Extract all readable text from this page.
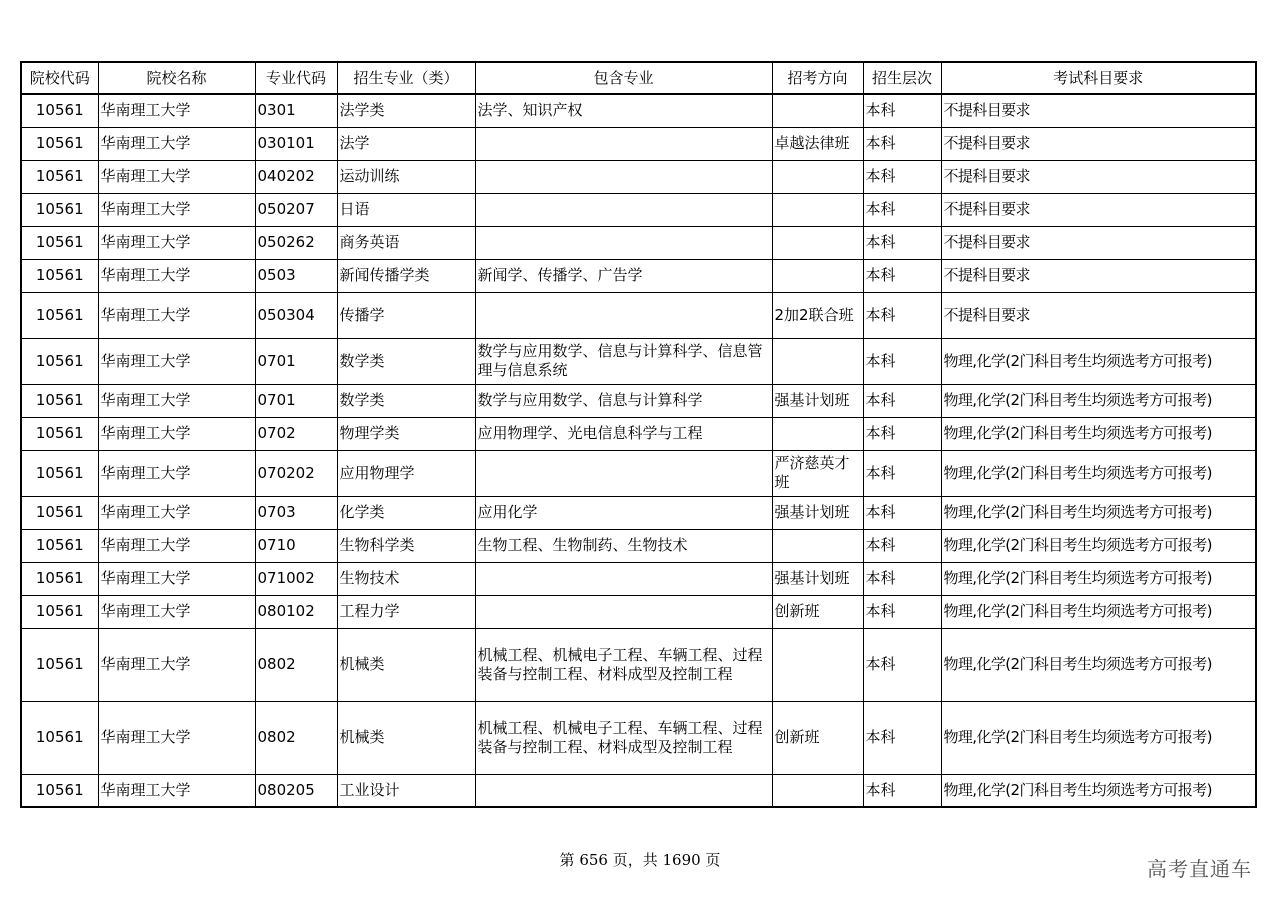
院校代码	院校名称	专业代码	招生专业（类）	包含专业	招考方向	招生层次	考试科目要求
10561	华南理工大学	0301	法学类	法学、知识产权		本科	不提科目要求
10561	华南理工大学	030101	法学		卓越法律班	本科	不提科目要求
10561	华南理工大学	040202	运动训练			本科	不提科目要求
10561	华南理工大学	050207	日语			本科	不提科目要求
10561	华南理工大学	050262	商务英语			本科	不提科目要求
10561	华南理工大学	0503	新闻传播学类	新闻学、传播学、广告学		本科	不提科目要求
10561	华南理工大学	050304	传播学		2加2联合班	本科	不提科目要求
10561	华南理工大学	0701	数学类	数学与应用数学、信息与计算科学、信息管理与信息系统		本科	物理,化学(2门科目考生均须选考方可报考)
10561	华南理工大学	0701	数学类	数学与应用数学、信息与计算科学	强基计划班	本科	物理,化学(2门科目考生均须选考方可报考)
10561	华南理工大学	0702	物理学类	应用物理学、光电信息科学与工程		本科	物理,化学(2门科目考生均须选考方可报考)
10561	华南理工大学	070202	应用物理学		严济慈英才班	本科	物理,化学(2门科目考生均须选考方可报考)
10561	华南理工大学	0703	化学类	应用化学	强基计划班	本科	物理,化学(2门科目考生均须选考方可报考)
10561	华南理工大学	0710	生物科学类	生物工程、生物制药、生物技术		本科	物理,化学(2门科目考生均须选考方可报考)
10561	华南理工大学	071002	生物技术		强基计划班	本科	物理,化学(2门科目考生均须选考方可报考)
10561	华南理工大学	080102	工程力学		创新班	本科	物理,化学(2门科目考生均须选考方可报考)
10561	华南理工大学	0802	机械类	机械工程、机械电子工程、车辆工程、过程装备与控制工程、材料成型及控制工程		本科	物理,化学(2门科目考生均须选考方可报考)
10561	华南理工大学	0802	机械类	机械工程、机械电子工程、车辆工程、过程装备与控制工程、材料成型及控制工程	创新班	本科	物理,化学(2门科目考生均须选考方可报考)
10561	华南理工大学	080205	工业设计			本科	物理,化学(2门科目考生均须选考方可报考)
第 656 页，共 1690 页	高考直通车
